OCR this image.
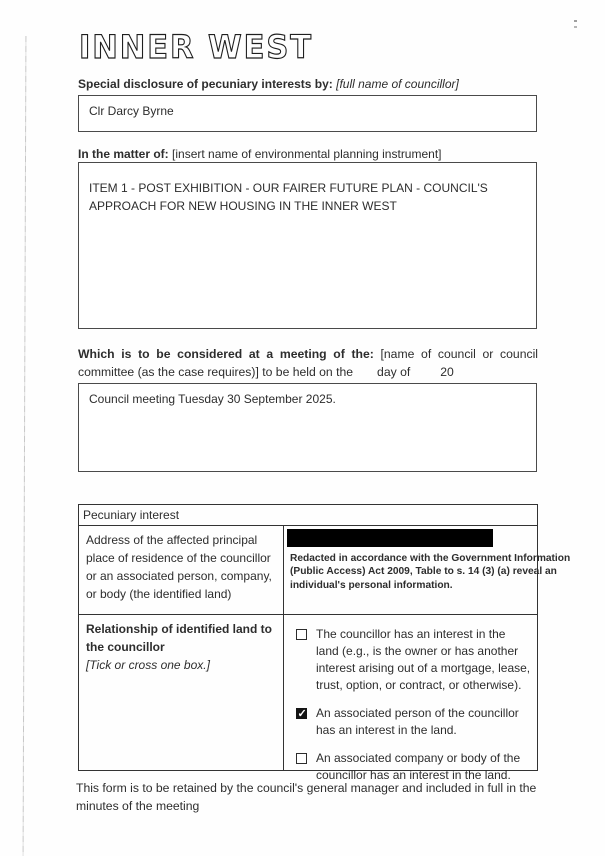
INNER WEST
Special disclosure of pecuniary interests by: [full name of councillor]
Clr Darcy Byrne
In the matter of: [insert name of environmental planning instrument]
ITEM 1 - POST EXHIBITION - OUR FAIRER FUTURE PLAN - COUNCIL'S APPROACH FOR NEW HOUSING IN THE INNER WEST
Which is to be considered at a meeting of the: [name of council or council committee (as the case requires)] to be held on the day of 20
Council meeting Tuesday 30 September 2025.
Pecuniary interest
Address of the affected principal place of residence of the councillor or an associated person, company, or body (the identified land)
Redacted in accordance with the Government Information
(Public Access) Act 2009, Table to s. 14 (3) (a) reveal an
individual's personal information.
Relationship of identified land to the councillor
[Tick or cross one box.]
The councillor has an interest in the land (e.g., is the owner or has another interest arising out of a mortgage, lease, trust, option, or contract, or otherwise).
✓
An associated person of the councillor has an interest in the land.
An associated company or body of the councillor has an interest in the land.
This form is to be retained by the council's general manager and included in full in the minutes of the meeting
